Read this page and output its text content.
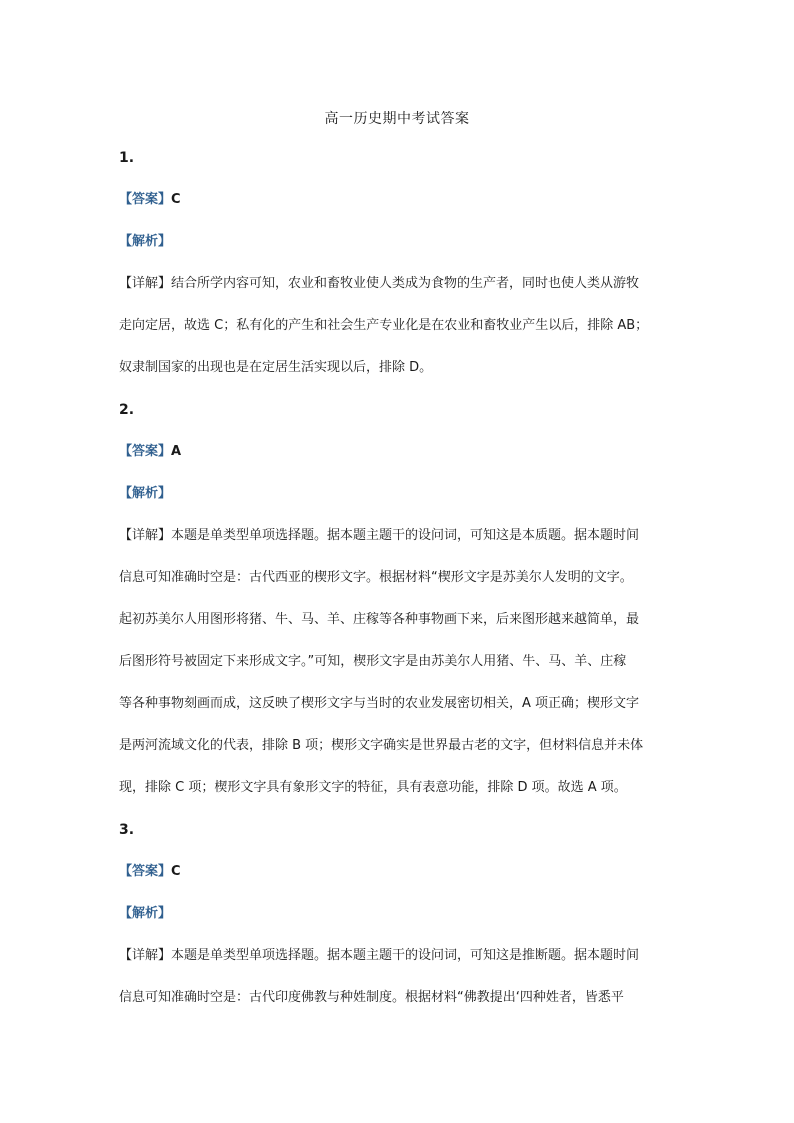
高一历史期中考试答案
1.
【答案】C
【解析】
【详解】结合所学内容可知，农业和畜牧业使人类成为食物的生产者，同时也使人类从游牧
走向定居，故选 C；私有化的产生和社会生产专业化是在农业和畜牧业产生以后，排除 AB；
奴隶制国家的出现也是在定居生活实现以后，排除 D。
2.
【答案】A
【解析】
【详解】本题是单类型单项选择题。据本题主题干的设问词，可知这是本质题。据本题时间
信息可知准确时空是：古代西亚的楔形文字。根据材料“楔形文字是苏美尔人发明的文字。
起初苏美尔人用图形将猪、牛、马、羊、庄稼等各种事物画下来，后来图形越来越简单，最
后图形符号被固定下来形成文字。”可知，楔形文字是由苏美尔人用猪、牛、马、羊、庄稼
等各种事物刻画而成，这反映了楔形文字与当时的农业发展密切相关，A 项正确；楔形文字
是两河流域文化的代表，排除 B 项；楔形文字确实是世界最古老的文字，但材料信息并未体
现，排除 C 项；楔形文字具有象形文字的特征，具有表意功能，排除 D 项。故选 A 项。
3.
【答案】C
【解析】
【详解】本题是单类型单项选择题。据本题主题干的设问词，可知这是推断题。据本题时间
信息可知准确时空是：古代印度佛教与种姓制度。根据材料“佛教提出‘四种姓者，皆悉平
